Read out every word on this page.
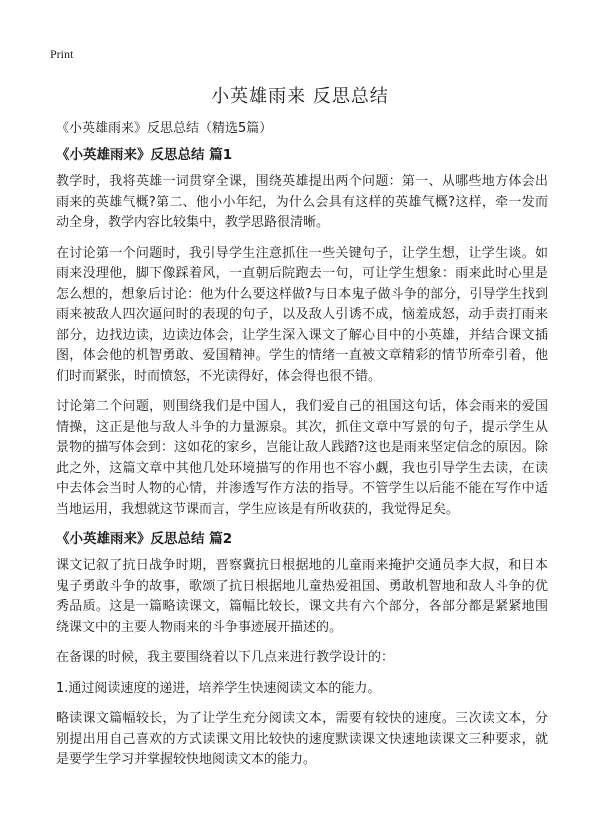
Print
小英雄雨来 反思总结

《小英雄雨来》反思总结（精选5篇）

《小英雄雨来》反思总结 篇1

教学时，我将英雄一词贯穿全课，围绕英雄提出两个问题：第一、从哪些地方体会出雨来的英雄气概?第二、他小小年纪，为什么会具有这样的英雄气概?这样，牵一发而动全身，教学内容比较集中，教学思路很清晰。

在讨论第一个问题时，我引导学生注意抓住一些关键句子，让学生想，让学生谈。如雨来没理他，脚下像踩着风，一直朝后院跑去一句，可让学生想象：雨来此时心里是怎么想的，想象后讨论：他为什么要这样做?与日本鬼子做斗争的部分，引导学生找到雨来被敌人四次逼问时的表现的句子，以及敌人引诱不成，恼羞成怒，动手责打雨来部分，边找边读，边读边体会，让学生深入课文了解心目中的小英雄，并结合课文插图，体会他的机智勇敢、爱国精神。学生的情绪一直被文章精彩的情节所牵引着，他们时而紧张，时而愤怒，不光读得好，体会得也很不错。

讨论第二个问题，则围绕我们是中国人，我们爱自己的祖国这句话，体会雨来的爱国情操，这正是他与敌人斗争的力量源泉。其次，抓住文章中写景的句子，提示学生从景物的描写体会到：这如花的家乡，岂能让敌人践踏?这也是雨来坚定信念的原因。除此之外，这篇文章中其他几处环境描写的作用也不容小觑，我也引导学生去读，在读中去体会当时人物的心情，并渗透写作方法的指导。不管学生以后能不能在写作中适当地运用，我想就这节课而言，学生应该是有所收获的，我觉得足矣。

《小英雄雨来》反思总结 篇2

课文记叙了抗日战争时期，晋察冀抗日根据地的儿童雨来掩护交通员李大叔，和日本鬼子勇敢斗争的故事，歌颂了抗日根据地儿童热爱祖国、勇敢机智地和敌人斗争的优秀品质。这是一篇略读课文，篇幅比较长，课文共有六个部分，各部分都是紧紧地围绕课文中的主要人物雨来的斗争事迹展开描述的。

在备课的时候，我主要围绕着以下几点来进行教学设计的：

1.通过阅读速度的递进，培养学生快速阅读文本的能力。

略读课文篇幅较长，为了让学生充分阅读文本，需要有较快的速度。三次读文本，分别提出用自己喜欢的方式读课文用比较快的速度默读课文快速地读课文三种要求，就是要学生学习并掌握较快地阅读文本的能力。
